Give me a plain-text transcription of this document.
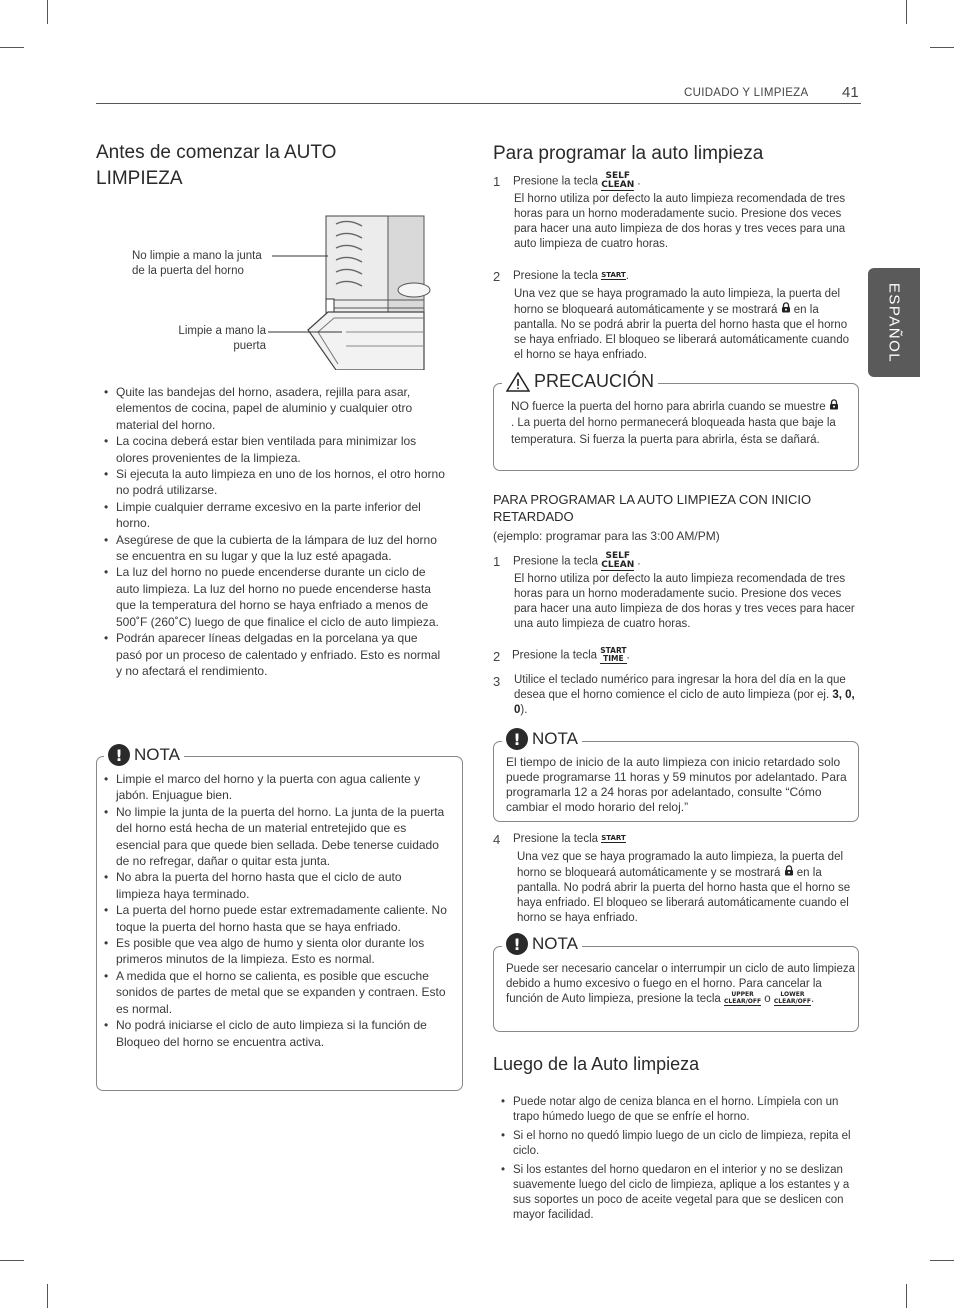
CUIDADO Y LIMPIEZA 41
ESPAÑOL
Antes de comenzar la AUTO LIMPIEZA
No limpie a mano la junta de la puerta del horno
Limpie a mano la puerta
• Quite las bandejas del horno, asadera, rejilla para asar, elementos de cocina, papel de aluminio y cualquier otro material del horno.
• La cocina deberá estar bien ventilada para minimizar los olores provenientes de la limpieza.
• Si ejecuta la auto limpieza en uno de los hornos, el otro horno no podrá utilizarse.
• Limpie cualquier derrame excesivo en la parte inferior del horno.
• Asegúrese de que la cubierta de la lámpara de luz del horno se encuentra en su lugar y que la luz esté apagada.
• La luz del horno no puede encenderse durante un ciclo de auto limpieza. La luz del horno no puede encenderse hasta que la temperatura del horno se haya enfriado a menos de 500˚F (260˚C) luego de que finalice el ciclo de auto limpieza.
• Podrán aparecer líneas delgadas en la porcelana ya que pasó por un proceso de calentado y enfriado. Esto es normal y no afectará el rendimiento.
! NOTA
• Limpie el marco del horno y la puerta con agua caliente y jabón. Enjuague bien.
• No limpie la junta de la puerta del horno. La junta de la puerta del horno está hecha de un material entretejido que es esencial para que quede bien sellada. Debe tenerse cuidado de no refregar, dañar o quitar esta junta.
• No abra la puerta del horno hasta que el ciclo de auto limpieza haya terminado.
• La puerta del horno puede estar extremadamente caliente. No toque la puerta del horno hasta que se haya enfriado.
• Es posible que vea algo de humo y sienta olor durante los primeros minutos de la limpieza. Esto es normal.
• A medida que el horno se calienta, es posible que escuche sonidos de partes de metal que se expanden y contraen. Esto es normal.
• No podrá iniciarse el ciclo de auto limpieza si la función de Bloqueo del horno se encuentra activa.
Para programar la auto limpieza
1 Presione la tecla SELF
CLEAN .
El horno utiliza por defecto la auto limpieza recomendada de tres horas para un horno moderadamente sucio. Presione dos veces para hacer una auto limpieza de dos horas y tres veces para una auto limpieza de cuatro horas.
2 Presione la tecla START.
Una vez que se haya programado la auto limpieza, la puerta del horno se bloqueará automáticamente y se mostrará en la pantalla. No se podrá abrir la puerta del horno hasta que el horno se haya enfriado. El bloqueo se liberará automáticamente cuando el horno se haya enfriado.
PRECAUCIÓN
NO fuerce la puerta del horno para abrirla cuando se muestre . La puerta del horno permanecerá bloqueada hasta que baje la temperatura. Si fuerza la puerta para abrirla, ésta se dañará.
PARA PROGRAMAR LA AUTO LIMPIEZA CON INICIO RETARDADO
(ejemplo: programar para las 3:00 AM/PM)
1 Presione la tecla SELF
CLEAN .
El horno utiliza por defecto la auto limpieza recomendada de tres horas para un horno moderadamente sucio. Presione dos veces para hacer una auto limpieza de dos horas y tres veces para hacer una auto limpieza de cuatro horas.
2 Presione la tecla START
TIME .
3 Utilice el teclado numérico para ingresar la hora del día en la que desea que el horno comience el ciclo de auto limpieza (por ej. 3, 0, 0).
! NOTA
El tiempo de inicio de la auto limpieza con inicio retardado solo puede programarse 11 horas y 59 minutos por adelantado. Para programarla 12 a 24 horas por adelantado, consulte “Cómo cambiar el modo horario del reloj.”
4 Presione la tecla START
Una vez que se haya programado la auto limpieza, la puerta del horno se bloqueará automáticamente y se mostrará en la pantalla. No podrá abrir la puerta del horno hasta que el horno se haya enfriado. El bloqueo se liberará automáticamente cuando el horno se haya enfriado.
! NOTA
Puede ser necesario cancelar o interrumpir un ciclo de auto limpieza debido a humo excesivo o fuego en el horno. Para cancelar la función de Auto limpieza, presione la tecla UPPER
CLEAR/OFF o LOWER
CLEAR/OFF.
Luego de la Auto limpieza
• Puede notar algo de ceniza blanca en el horno. Límpiela con un trapo húmedo luego de que se enfríe el horno.
• Si el horno no quedó limpio luego de un ciclo de limpieza, repita el ciclo.
• Si los estantes del horno quedaron en el interior y no se deslizan suavemente luego del ciclo de limpieza, aplique a los estantes y a sus soportes un poco de aceite vegetal para que se deslicen con mayor facilidad.
